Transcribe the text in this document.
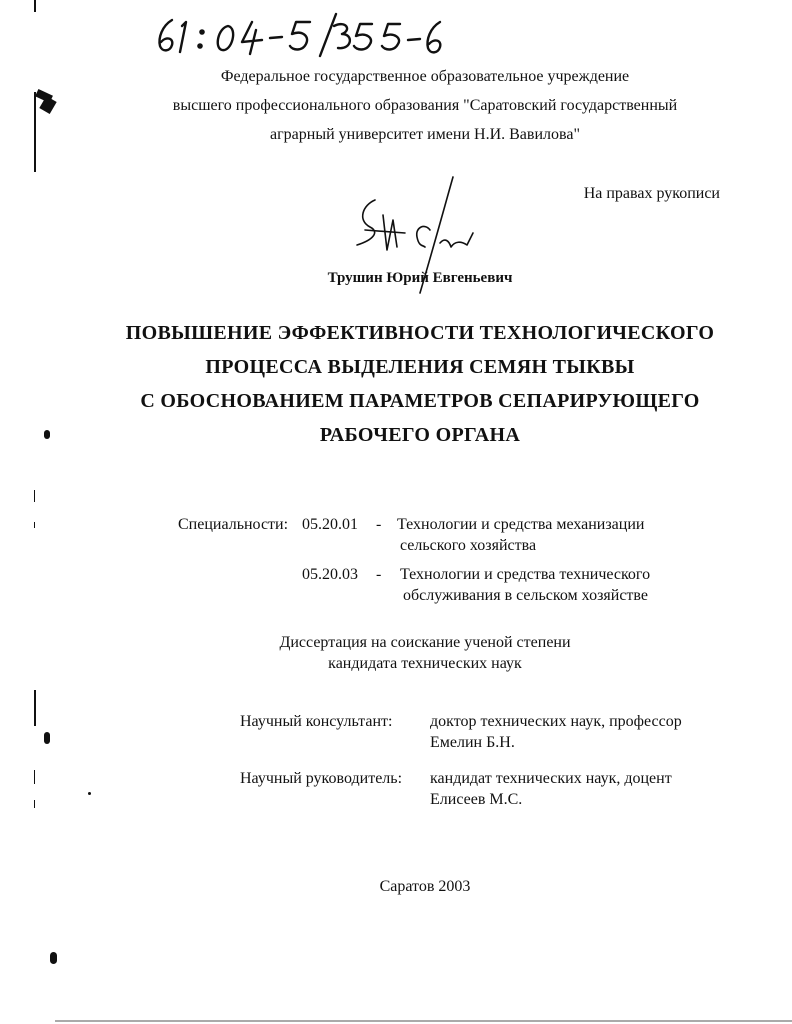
Федеральное государственное образовательное учреждение
высшего профессионального образования "Саратовский государственный
аграрный университет имени Н.И. Вавилова"
На правах рукописи
Трушин Юрий Евгеньевич
ПОВЫШЕНИЕ ЭФФЕКТИВНОСТИ ТЕХНОЛОГИЧЕСКОГО
ПРОЦЕССА ВЫДЕЛЕНИЯ СЕМЯН ТЫКВЫ
С ОБОСНОВАНИЕМ ПАРАМЕТРОВ СЕПАРИРУЮЩЕГО
РАБОЧЕГО ОРГАНА
Специальности: 05.20.01 - Технологии и средства механизации
сельского хозяйства
05.20.03 - Технологии и средства технического
обслуживания в сельском хозяйстве
Диссертация на соискание ученой степени
кандидата технических наук
Научный консультант: доктор технических наук, профессор
Емелин Б.Н.
Научный руководитель: кандидат технических наук, доцент
Елисеев М.С.
Саратов 2003
